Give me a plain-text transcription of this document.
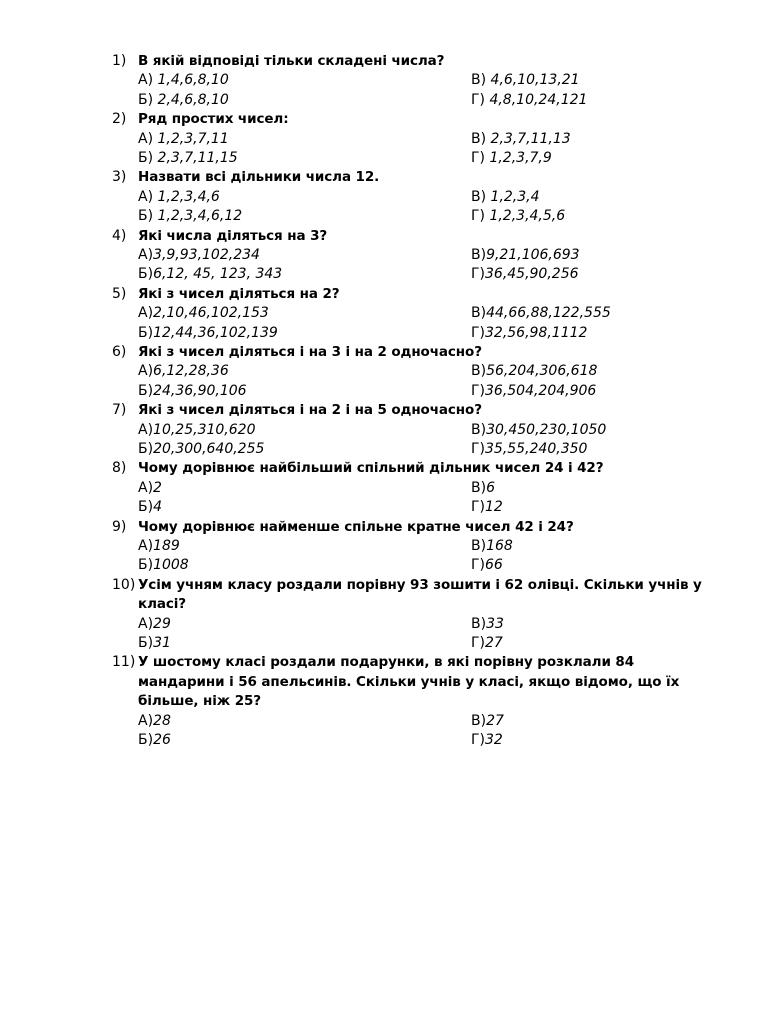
1) В якій відповіді тільки складені числа?
А) 1,4,6,8,10	В) 4,6,10,13,21
Б) 2,4,6,8,10	Г) 4,8,10,24,121
2) Ряд простих чисел:
А) 1,2,3,7,11	В) 2,3,7,11,13
Б) 2,3,7,11,15	Г) 1,2,3,7,9
3) Назвати всі дільники числа 12.
А) 1,2,3,4,6	В) 1,2,3,4
Б) 1,2,3,4,6,12	Г) 1,2,3,4,5,6
4) Які числа діляться на 3?
А)3,9,93,102,234	В)9,21,106,693
Б)6,12, 45, 123, 343	Г)36,45,90,256
5) Які з чисел діляться на 2?
А)2,10,46,102,153	В)44,66,88,122,555
Б)12,44,36,102,139	Г)32,56,98,1112
6) Які з чисел діляться і на 3 і на 2 одночасно?
А)6,12,28,36	В)56,204,306,618
Б)24,36,90,106	Г)36,504,204,906
7) Які з чисел діляться і на 2 і на 5 одночасно?
А)10,25,310,620	В)30,450,230,1050
Б)20,300,640,255	Г)35,55,240,350
8) Чому дорівнює найбільший спільний дільник чисел 24 і 42?
А)2	В)6
Б)4	Г)12
9) Чому дорівнює найменше спільне кратне чисел 42 і 24?
А)189	В)168
Б)1008	Г)66
10) Усім учням класу роздали порівну 93 зошити і 62 олівці. Скільки учнів у класі?
А)29	В)33
Б)31	Г)27
11) У шостому класі роздали подарунки, в які порівну розклали 84 мандарини і 56 апельсинів. Скільки учнів у класі, якщо відомо, що їх більше, ніж 25?
А)28	В)27
Б)26	Г)32
